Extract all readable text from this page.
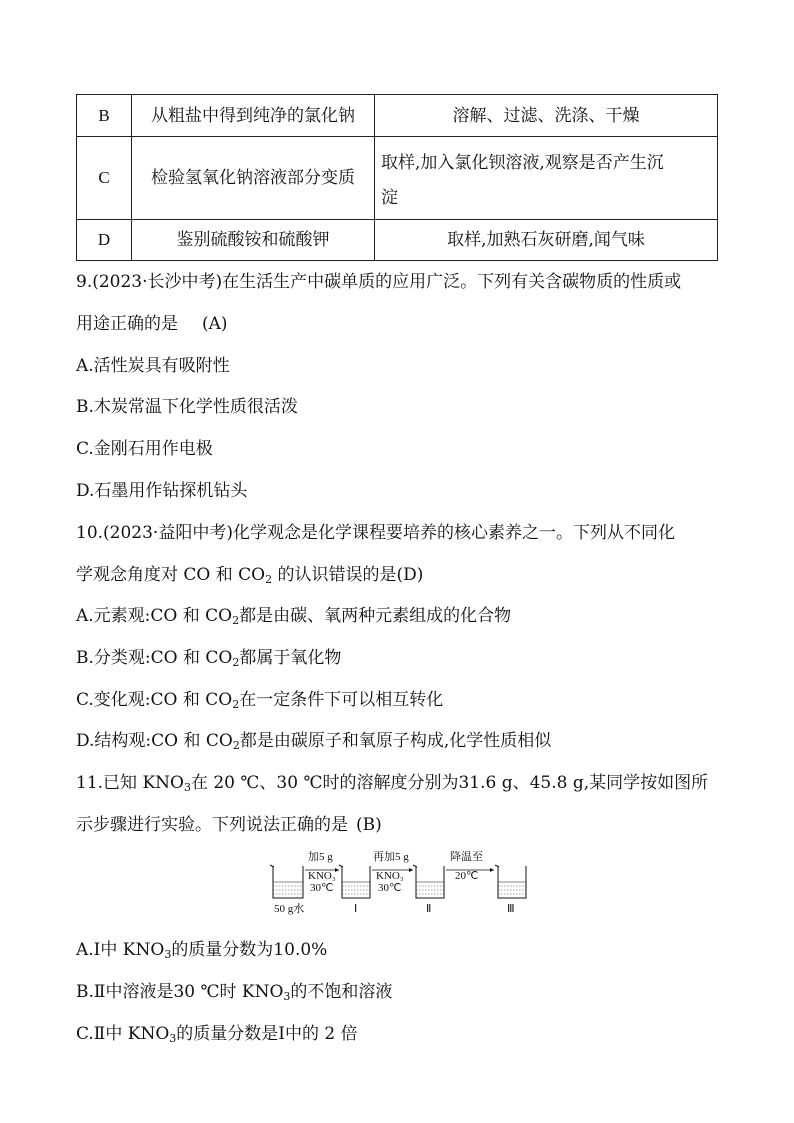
B	从粗盐中得到纯净的氯化钠	溶解、过滤、洗涤、干燥
C	检验氢氧化钠溶液部分变质	取样,加入氯化钡溶液,观察是否产生沉
淀

D	鉴别硫酸铵和硫酸钾	取样,加熟石灰研磨,闻气味
9.(2023·长沙中考)在生活生产中碳单质的应用广泛。下列有关含碳物质的性质或
用途正确的是 (A)
A.活性炭具有吸附性
B.木炭常温下化学性质很活泼
C.金刚石用作电极
D.石墨用作钻探机钻头
10.(2023·益阳中考)化学观念是化学课程要培养的核心素养之一。下列从不同化
学观念角度对 CO 和 $CO_2$ 的认识错误的是(D)
A.元素观:CO 和 $CO_2$都是由碳、氧两种元素组成的化合物
B.分类观:CO 和 $CO_2$都属于氧化物
C.变化观:CO 和 $CO_2$在一定条件下可以相互转化
D.结构观:CO 和 $CO_2$都是由碳原子和氧原子构成,化学性质相似
11.已知 $KNO_3$在 20 ℃、30 ℃时的溶解度分别为31.6 g、45.8 g,某同学按如图所
示步骤进行实验。下列说法正确的是 (B)
50 g水
加5 g
KNO₃
30℃
Ⅰ
再加5 g
KNO₃
30℃
Ⅱ
降温至
20℃
Ⅲ
A.Ⅰ中 $KNO_3$的质量分数为10.0%
B.Ⅱ中溶液是30 ℃时 $KNO_3$的不饱和溶液
C.Ⅱ中 $KNO_3$的质量分数是Ⅰ中的 2 倍
